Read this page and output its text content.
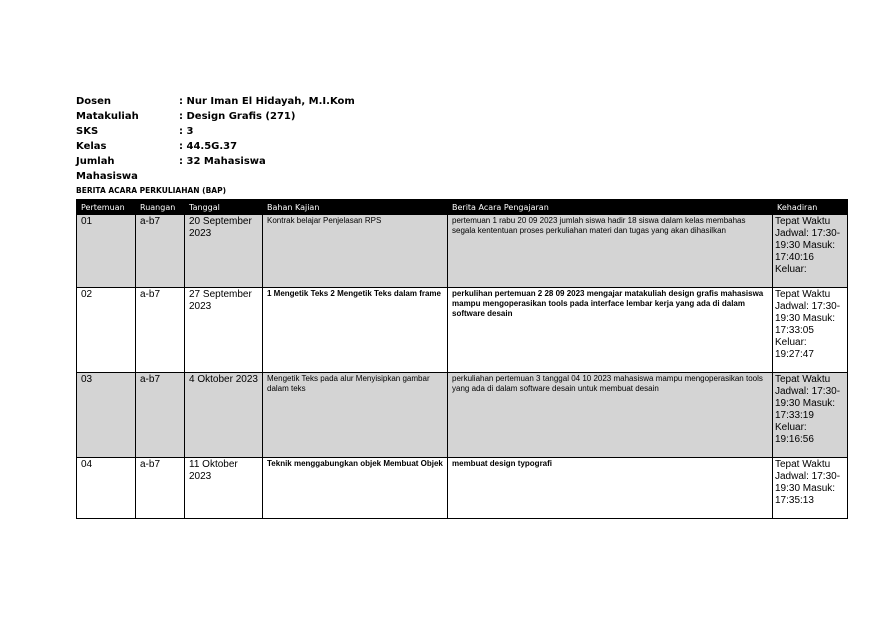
Dosen	: Nur Iman El Hidayah, M.I.Kom
Matakuliah	: Design Grafis (271)
SKS	: 3
Kelas	: 44.5G.37
Jumlah Mahasiswa
: 32 Mahasiswa
BERITA ACARA PERKULIAHAN (BAP)
Pertemuan	Ruangan	Tanggal	Bahan Kajian	Berita Acara Pengajaran	Kehadiran
01	a-b7	20 September 2023	Kontrak belajar Penjelasan RPS	pertemuan 1 rabu 20 09 2023 jumlah siswa hadir 18 siswa dalam kelas membahas segala kententuan proses perkuliahan materi dan tugas yang akan dihasilkan	Tepat Waktu Jadwal: 17:30-19:30 Masuk: 17:40:16 Keluar:

02	a-b7	27 September 2023	1 Mengetik Teks 2 Mengetik Teks dalam frame	perkulihan pertemuan 2 28 09 2023 mengajar matakuliah design grafis mahasiswa mampu mengoperasikan tools pada interface lembar kerja yang ada di dalam software desain	Tepat Waktu Jadwal: 17:30-19:30 Masuk: 17:33:05 Keluar: 19:27:47

03	a-b7	4 Oktober 2023	Mengetik Teks pada alur Menyisipkan gambar dalam teks	perkuliahan pertemuan 3 tanggal 04 10 2023 mahasiswa mampu mengoperasikan tools yang ada di dalam software desain untuk membuat desain	Tepat Waktu Jadwal: 17:30-19:30 Masuk: 17:33:19 Keluar: 19:16:56

04	a-b7	11 Oktober 2023	Teknik menggabungkan objek Membuat Objek	membuat design typografi	Tepat Waktu Jadwal: 17:30-19:30 Masuk: 17:35:13
